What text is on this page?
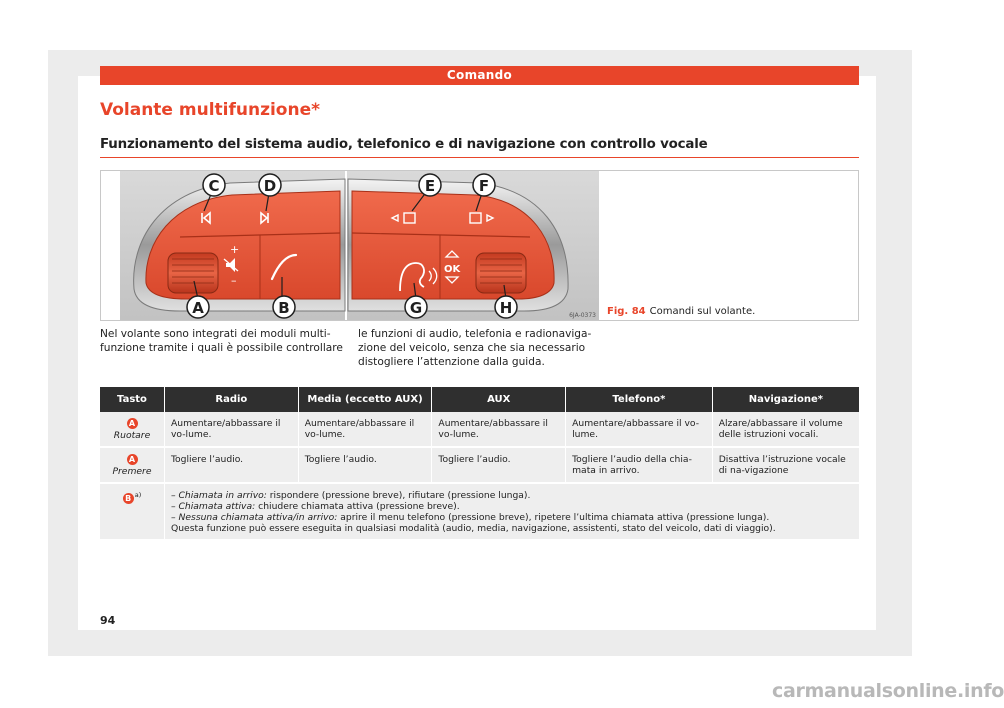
Comando
Volante multifunzione*
Funzionamento del sistema audio, telefonico e di navigazione con controllo vocale
+
–
C	D
A	B
OK
E	F
G	H	6JA-0373 Fig. 84 Comandi sul volante.
Nel volante sono integrati dei moduli multi-funzione tramite i quali è possibile controllare
le funzioni di audio, telefonia e radionaviga-zione del veicolo, senza che sia necessario distogliere l’attenzione dalla guida.
Tasto	Radio	Media (eccetto AUX)	AUX	Telefono*	Navigazione*
A
Ruotare	Aumentare/abbassare il vo-lume.	Aumentare/abbassare il vo-lume.	Aumentare/abbassare il vo-lume.	Aumentare/abbassare il vo-lume.	Alzare/abbassare il volume delle istruzioni vocali.
A
Premere	Togliere l’audio.	Togliere l’audio.	Togliere l’audio.	Togliere l’audio della chia-mata in arrivo.	Disattiva l’istruzione vocale di na-vigazione
B $^{a)}$	– Chiamata in arrivo: rispondere (pressione breve), rifiutare (pressione lunga).
– Chiamata attiva: chiudere chiamata attiva (pressione breve).
– Nessuna chiamata attiva/in arrivo: aprire il menu telefono (pressione breve), ripetere l’ultima chiamata attiva (pressione lunga).
Questa funzione può essere eseguita in qualsiasi modalità (audio, media, navigazione, assistenti, stato del veicolo, dati di viaggio).				
94
carmanualsonline.info
